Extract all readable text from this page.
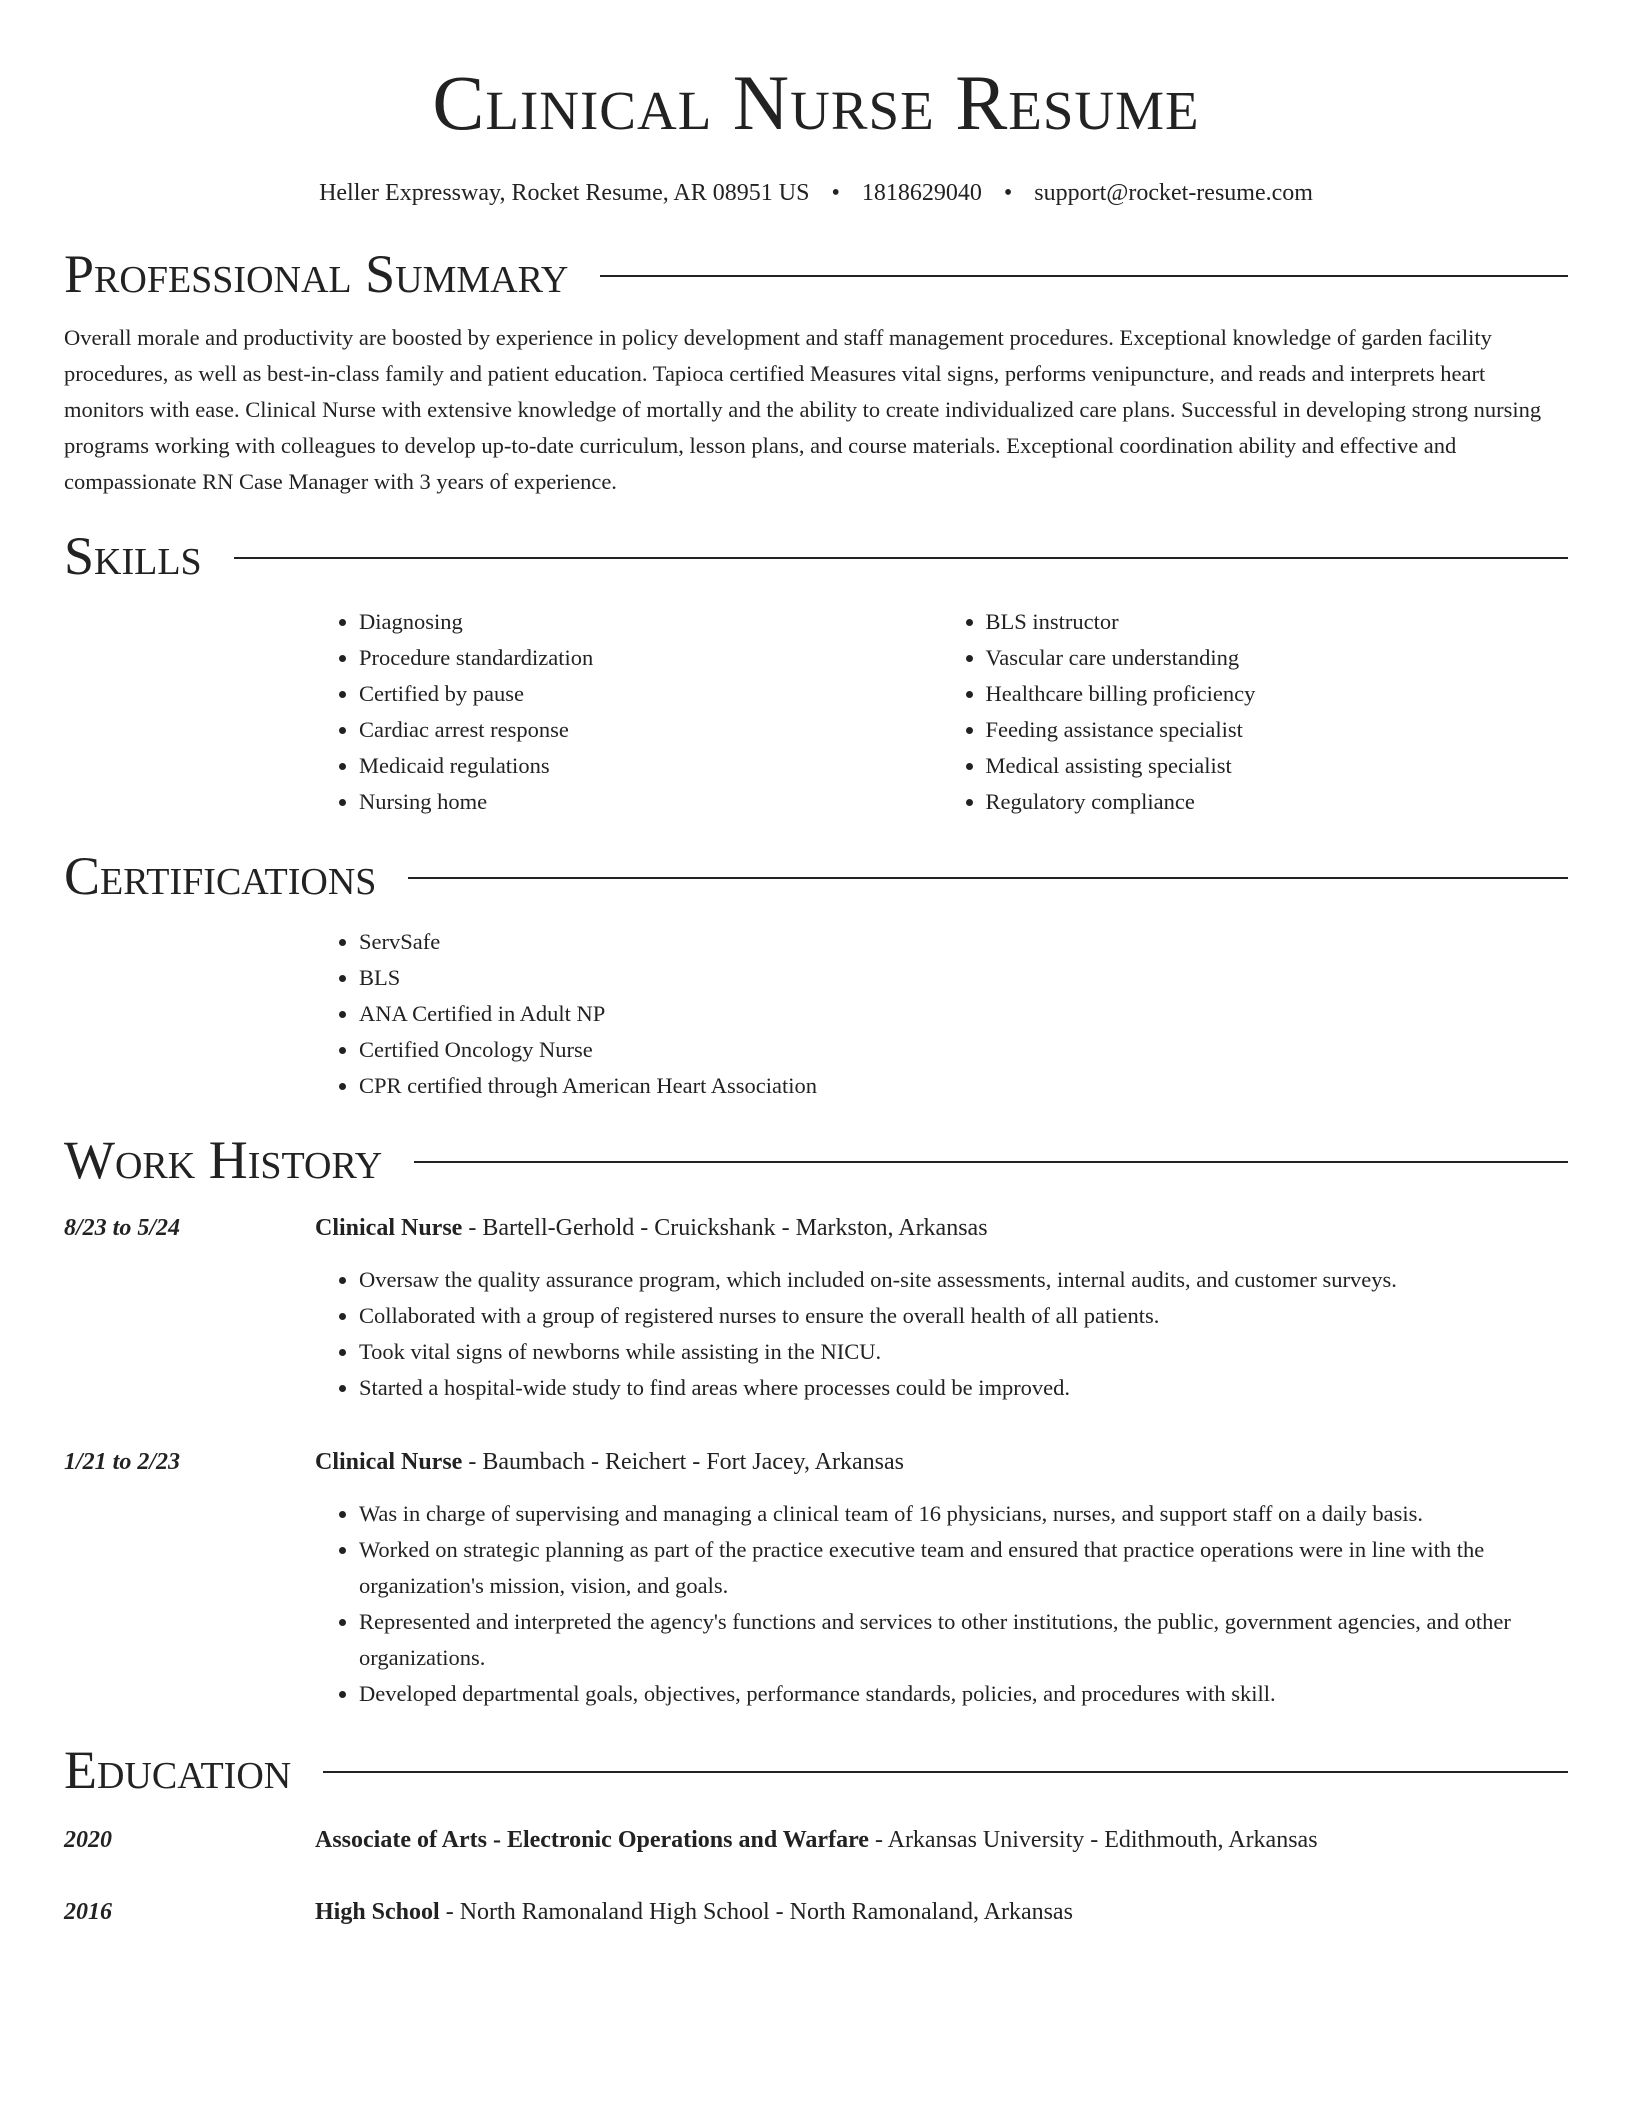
Clinical Nurse Resume
Heller Expressway, Rocket Resume, AR 08951 US • 1818629040 • support@rocket-resume.com
Professional Summary

Overall morale and productivity are boosted by experience in policy development and staff management procedures. Exceptional knowledge of garden facility procedures, as well as best-in-class family and patient education. Tapioca certified Measures vital signs, performs venipuncture, and reads and interprets heart monitors with ease. Clinical Nurse with extensive knowledge of mortally and the ability to create individualized care plans. Successful in developing strong nursing programs working with colleagues to develop up-to-date curriculum, lesson plans, and course materials. Exceptional coordination ability and effective and compassionate RN Case Manager with 3 years of experience.

Skills
• Diagnosing
• Procedure standardization
• Certified by pause
• Cardiac arrest response
• Medicaid regulations
• Nursing home
• BLS instructor
• Vascular care understanding
• Healthcare billing proficiency
• Feeding assistance specialist
• Medical assisting specialist
• Regulatory compliance
Certifications
• ServSafe
• BLS
• ANA Certified in Adult NP
• Certified Oncology Nurse
• CPR certified through American Heart Association
Work History
8/23 to 5/24	Clinical Nurse - Bartell-Gerhold - Cruickshank - Markston, Arkansas
• Oversaw the quality assurance program, which included on-site assessments, internal audits, and customer surveys.
• Collaborated with a group of registered nurses to ensure the overall health of all patients.
• Took vital signs of newborns while assisting in the NICU.
• Started a hospital-wide study to find areas where processes could be improved.
1/21 to 2/23	Clinical Nurse - Baumbach - Reichert - Fort Jacey, Arkansas
• Was in charge of supervising and managing a clinical team of 16 physicians, nurses, and support staff on a daily basis.
• Worked on strategic planning as part of the practice executive team and ensured that practice operations were in line with the organization's mission, vision, and goals.
• Represented and interpreted the agency's functions and services to other institutions, the public, government agencies, and other organizations.
• Developed departmental goals, objectives, performance standards, policies, and procedures with skill.
Education
2020	Associate of Arts - Electronic Operations and Warfare - Arkansas University - Edithmouth, Arkansas
2016	High School - North Ramonaland High School - North Ramonaland, Arkansas
